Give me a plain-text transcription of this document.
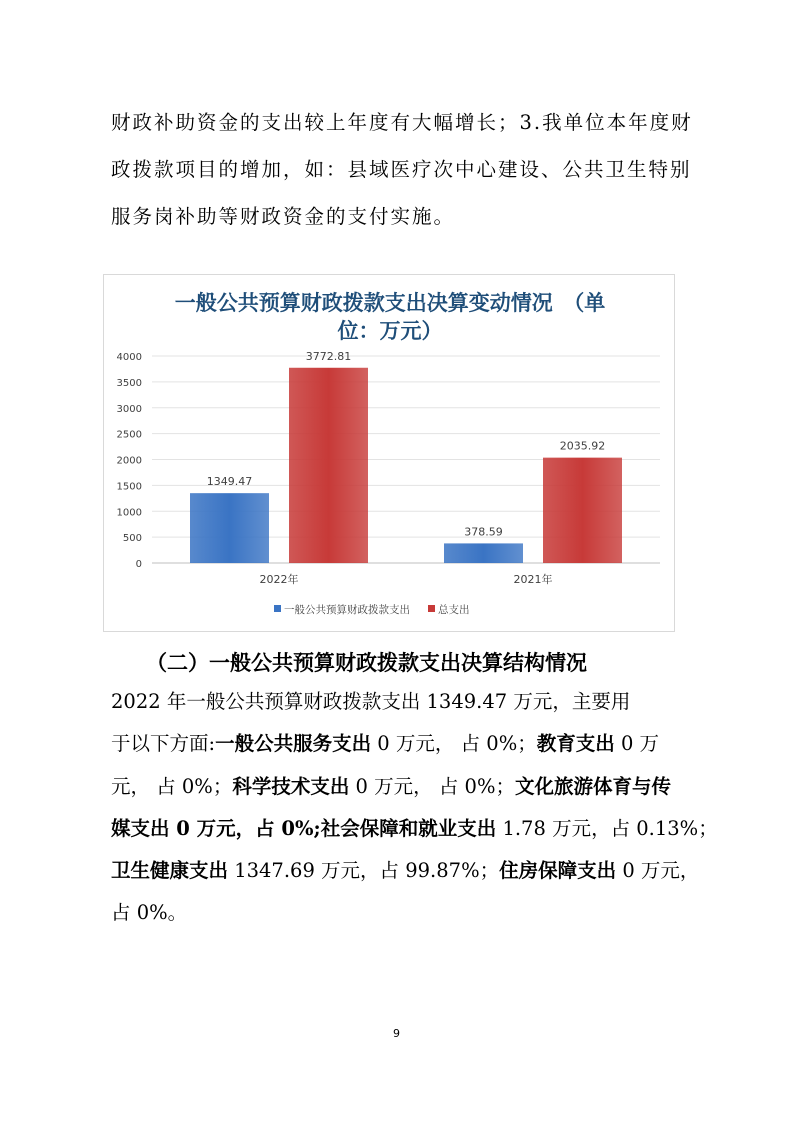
财政补助资金的支出较上年度有大幅增长；3.我单位本年度财
政拨款项目的增加，如：县域医疗次中心建设、公共卫生特别
服务岗补助等财政资金的支付实施。
一般公共预算财政拨款支出决算变动情况　（单
位：万元）
0
500
1000
1500
2000
2500
3000
3500
4000
1349.47
3772.81
2022年
378.59
2035.92
2021年
一般公共预算财政拨款支出	总支出
（二）一般公共预算财政拨款支出决算结构情况
2022 年一般公共预算财政拨款支出 1349.47 万元，主要用
于以下方面:一般公共服务支出 0 万元， 占 0%；教育支出 0 万
元， 占 0%；科学技术支出 0 万元， 占 0%；文化旅游体育与传
媒支出 0 万元，占 0%;社会保障和就业支出 1.78 万元，占 0.13%；
卫生健康支出 1347.69 万元，占 99.87%；住房保障支出 0 万元，
占 0%。
9
